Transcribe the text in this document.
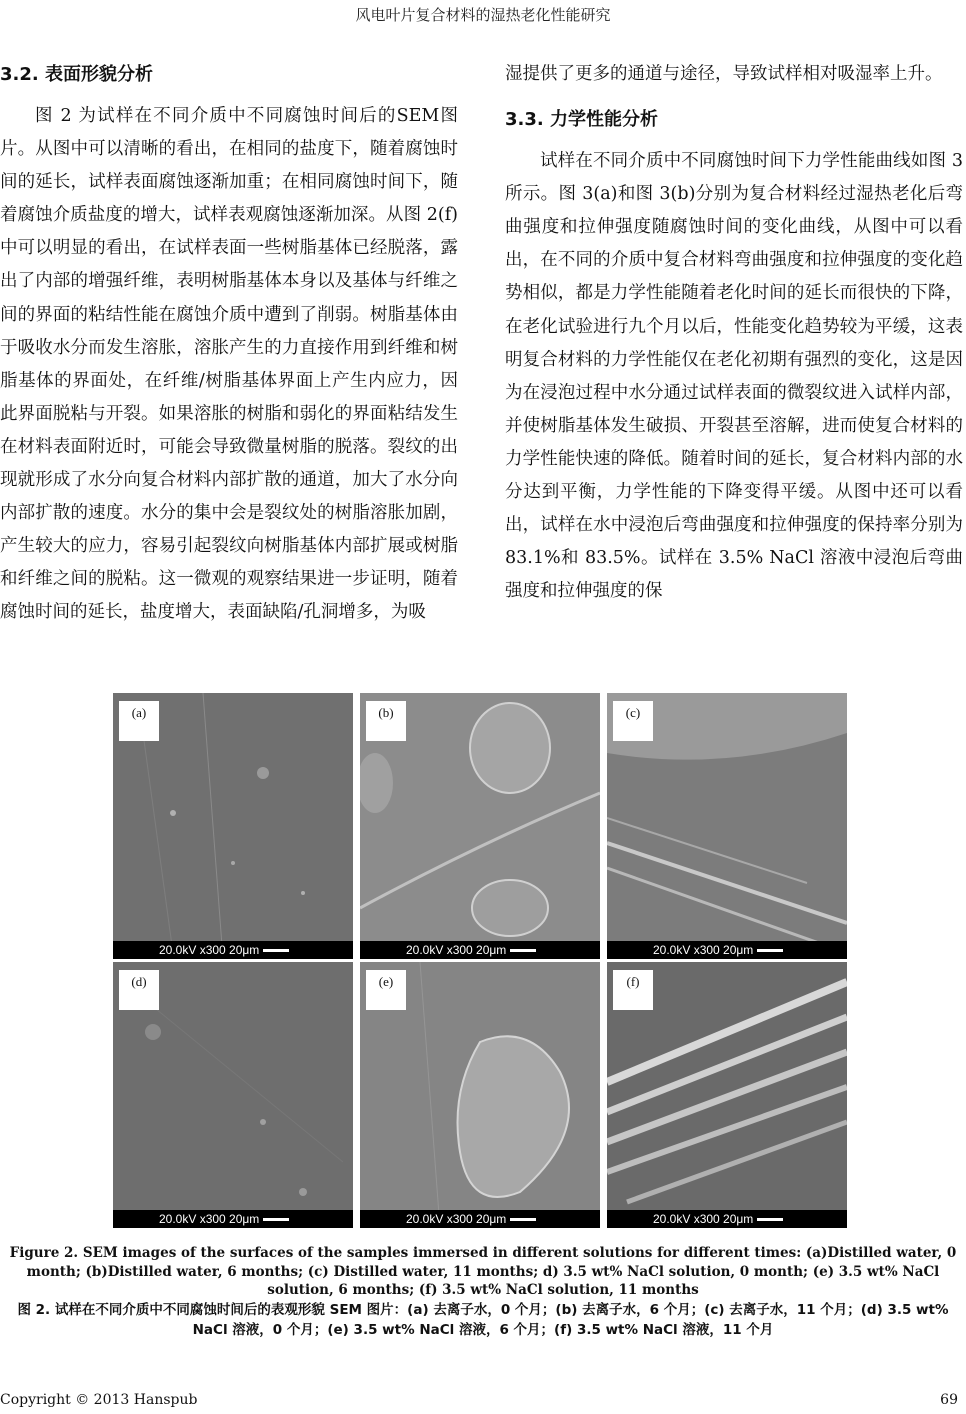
风电叶片复合材料的湿热老化性能研究
3.2. 表面形貌分析

图 2 为试样在不同介质中不同腐蚀时间后的SEM图片。从图中可以清晰的看出，在相同的盐度下，随着腐蚀时间的延长，试样表面腐蚀逐渐加重；在相同腐蚀时间下，随着腐蚀介质盐度的增大，试样表观腐蚀逐渐加深。从图 2(f)中可以明显的看出，在试样表面一些树脂基体已经脱落，露出了内部的增强纤维，表明树脂基体本身以及基体与纤维之间的界面的粘结性能在腐蚀介质中遭到了削弱。树脂基体由于吸收水分而发生溶胀，溶胀产生的力直接作用到纤维和树脂基体的界面处，在纤维/树脂基体界面上产生内应力，因此界面脱粘与开裂。如果溶胀的树脂和弱化的界面粘结发生在材料表面附近时，可能会导致微量树脂的脱落。裂纹的出现就形成了水分向复合材料内部扩散的通道，加大了水分向内部扩散的速度。水分的集中会是裂纹处的树脂溶胀加剧，产生较大的应力，容易引起裂纹向树脂基体内部扩展或树脂和纤维之间的脱粘。这一微观的观察结果进一步证明，随着腐蚀时间的延长，盐度增大，表面缺陷/孔洞增多，为吸

湿提供了更多的通道与途径，导致试样相对吸湿率上升。

3.3. 力学性能分析

试样在不同介质中不同腐蚀时间下力学性能曲线如图 3 所示。图 3(a)和图 3(b)分别为复合材料经过湿热老化后弯曲强度和拉伸强度随腐蚀时间的变化曲线，从图中可以看出，在不同的介质中复合材料弯曲强度和拉伸强度的变化趋势相似，都是力学性能随着老化时间的延长而很快的下降，在老化试验进行九个月以后，性能变化趋势较为平缓，这表明复合材料的力学性能仅在老化初期有强烈的变化，这是因为在浸泡过程中水分通过试样表面的微裂纹进入试样内部，并使树脂基体发生破损、开裂甚至溶解，进而使复合材料的力学性能快速的降低。随着时间的延长，复合材料内部的水分达到平衡，力学性能的下降变得平缓。从图中还可以看出，试样在水中浸泡后弯曲强度和拉伸强度的保持率分别为 83.1%和 83.5%。试样在 3.5% NaCl 溶液中浸泡后弯曲强度和拉伸强度的保

(a)
20.0kV x300 20μm
(b)
20.0kV x300 20μm
(c)
20.0kV x300 20μm
(d)
20.0kV x300 20μm
(e)
20.0kV x300 20μm
(f)
20.0kV x300 20μm
Figure 2. SEM images of the surfaces of the samples immersed in different solutions for different times: (a)Distilled water, 0 month; (b)Distilled water, 6 months; (c) Distilled water, 11 months; d) 3.5 wt% NaCl solution, 0 month; (e) 3.5 wt% NaCl solution, 6 months; (f) 3.5 wt% NaCl solution, 11 months
图 2. 试样在不同介质中不同腐蚀时间后的表观形貌 SEM 图片：(a) 去离子水，0 个月；(b) 去离子水，6 个月；(c) 去离子水，11 个月；(d) 3.5 wt% NaCl 溶液，0 个月；(e) 3.5 wt% NaCl 溶液，6 个月；(f) 3.5 wt% NaCl 溶液，11 个月
Copyright © 2013 Hanspub	69
